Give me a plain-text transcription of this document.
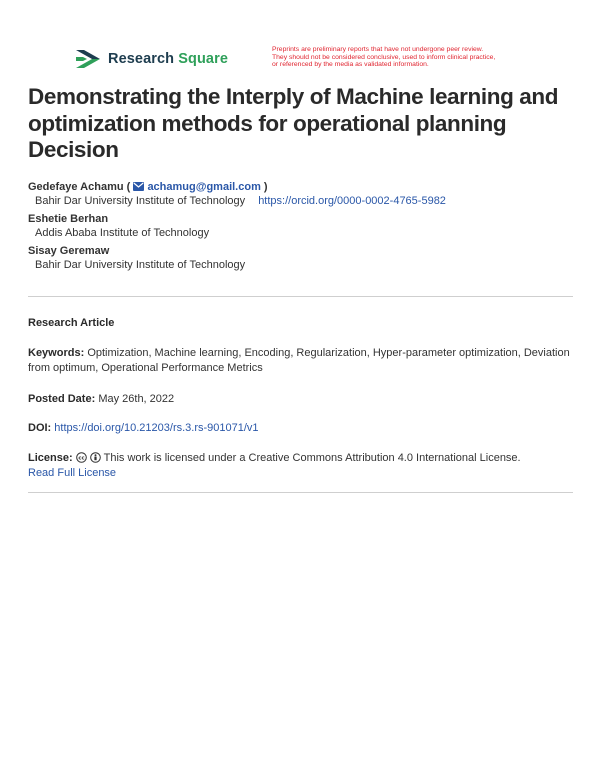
Research Square
Preprints are preliminary reports that have not undergone peer review.
They should not be considered conclusive, used to inform clinical practice,
or referenced by the media as validated information.
Demonstrating the Interply of Machine learning and optimization methods for operational planning Decision
Gedefaye Achamu ( achamug@gmail.com )
Bahir Dar University Institute of Technology https://orcid.org/0000-0002-4765-5982
Eshetie Berhan
Addis Ababa Institute of Technology
Sisay Geremaw
Bahir Dar University Institute of Technology
Research Article
Keywords: Optimization, Machine learning, Encoding, Regularization, Hyper-parameter optimization, Deviation from optimum, Operational Performance Metrics
Posted Date: May 26th, 2022
DOI: https://doi.org/10.21203/rs.3.rs-901071/v1
License: cc This work is licensed under a Creative Commons Attribution 4.0 International License.
Read Full License
